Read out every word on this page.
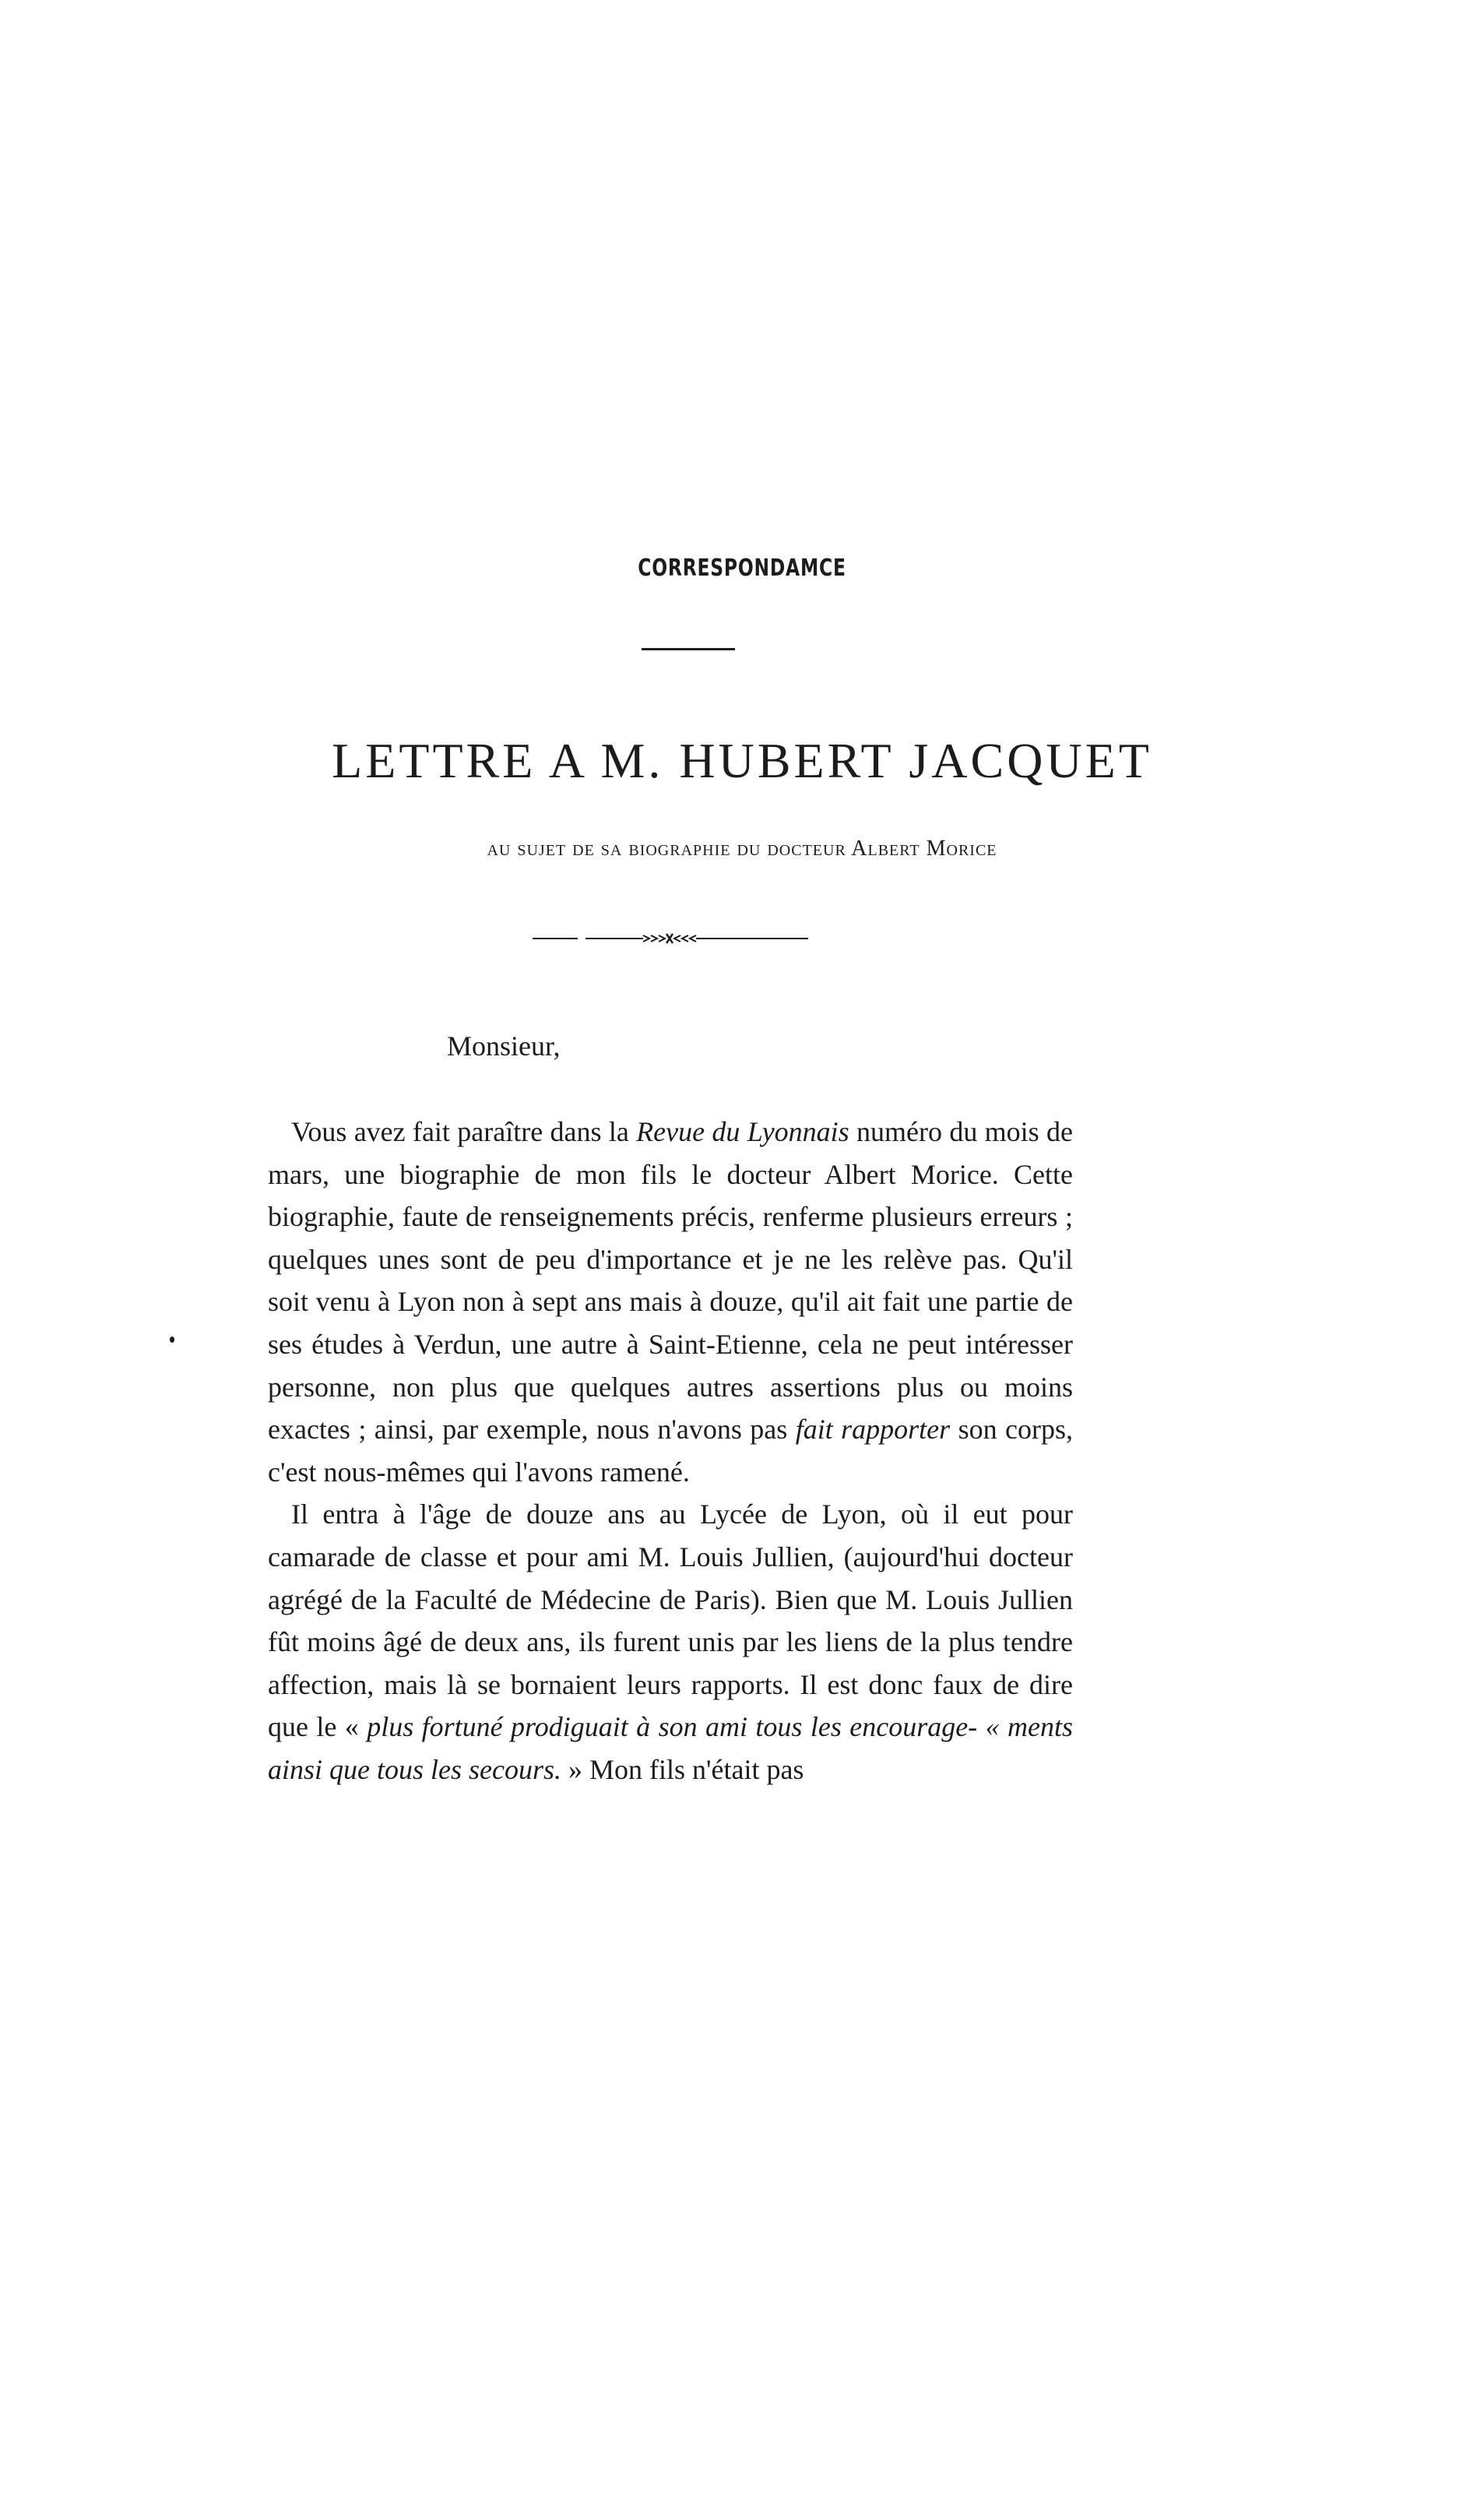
CORRESPONDAMCE
LETTRE A M. HUBERT JACQUET
au sujet de sa biographie du docteur Albert Morice
Monsieur,

Vous avez fait paraître dans la Revue du Lyonnais numéro du mois de mars, une biographie de mon fils le docteur Albert Morice. Cette biographie, faute de renseignements précis, renferme plusieurs erreurs ; quelques unes sont de peu d'importance et je ne les relève pas. Qu'il soit venu à Lyon non à sept ans mais à douze, qu'il ait fait une partie de ses études à Verdun, une autre à Saint-Etienne, cela ne peut intéresser personne, non plus que quelques autres assertions plus ou moins exactes ; ainsi, par exemple, nous n'avons pas fait rapporter son corps, c'est nous-mêmes qui l'avons ramené.

Il entra à l'âge de douze ans au Lycée de Lyon, où il eut pour camarade de classe et pour ami M. Louis Jullien, (aujourd'hui docteur agrégé de la Faculté de Médecine de Paris). Bien que M. Louis Jullien fût moins âgé de deux ans, ils furent unis par les liens de la plus tendre affection, mais là se bornaient leurs rapports. Il est donc faux de dire que le « plus fortuné prodiguait à son ami tous les encourage- « ments ainsi que tous les secours. » Mon fils n'était pas
